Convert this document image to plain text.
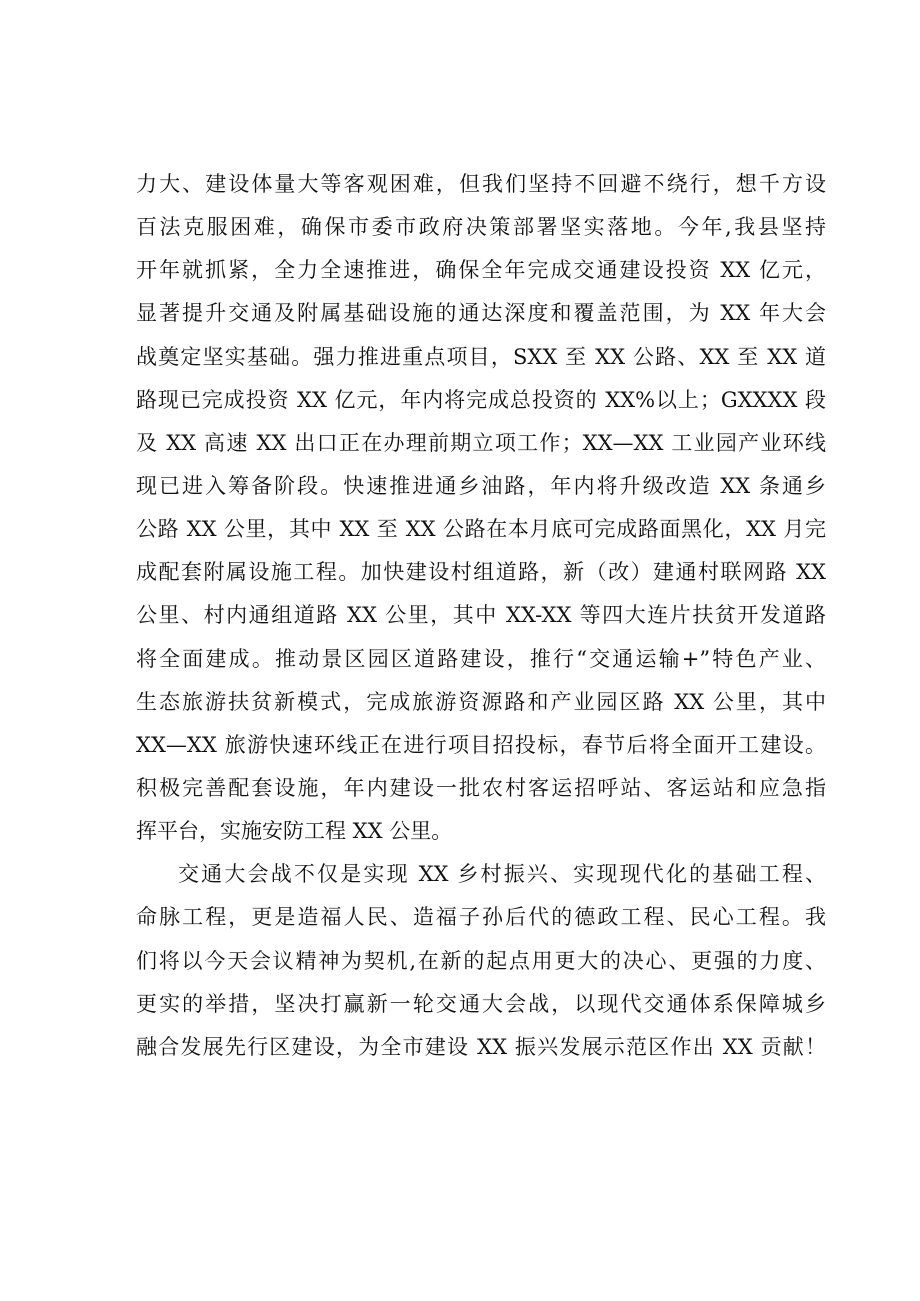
力大、建设体量大等客观困难，但我们坚持不回避不绕行，想千方设
百法克服困难，确保市委市政府决策部署坚实落地。今年,我县坚持
开年就抓紧，全力全速推进，确保全年完成交通建设投资 XX 亿元，
显著提升交通及附属基础设施的通达深度和覆盖范围，为 XX 年大会
战奠定坚实基础。强力推进重点项目，SXX 至 XX 公路、XX 至 XX 道
路现已完成投资 XX 亿元，年内将完成总投资的 XX%以上；GXXXX 段
及 XX 高速 XX 出口正在办理前期立项工作；XX—XX 工业园产业环线
现已进入筹备阶段。快速推进通乡油路，年内将升级改造 XX 条通乡
公路 XX 公里，其中 XX 至 XX 公路在本月底可完成路面黑化，XX 月完
成配套附属设施工程。加快建设村组道路，新（改）建通村联网路 XX
公里、村内通组道路 XX 公里，其中 XX-XX 等四大连片扶贫开发道路
将全面建成。推动景区园区道路建设，推行“交通运输+”特色产业、
生态旅游扶贫新模式，完成旅游资源路和产业园区路 XX 公里，其中
XX—XX 旅游快速环线正在进行项目招投标，春节后将全面开工建设。
积极完善配套设施，年内建设一批农村客运招呼站、客运站和应急指
挥平台，实施安防工程 XX 公里。
交通大会战不仅是实现 XX 乡村振兴、实现现代化的基础工程、
命脉工程，更是造福人民、造福子孙后代的德政工程、民心工程。我
们将以今天会议精神为契机,在新的起点用更大的决心、更强的力度、
更实的举措，坚决打赢新一轮交通大会战，以现代交通体系保障城乡
融合发展先行区建设，为全市建设 XX 振兴发展示范区作出 XX 贡献！
